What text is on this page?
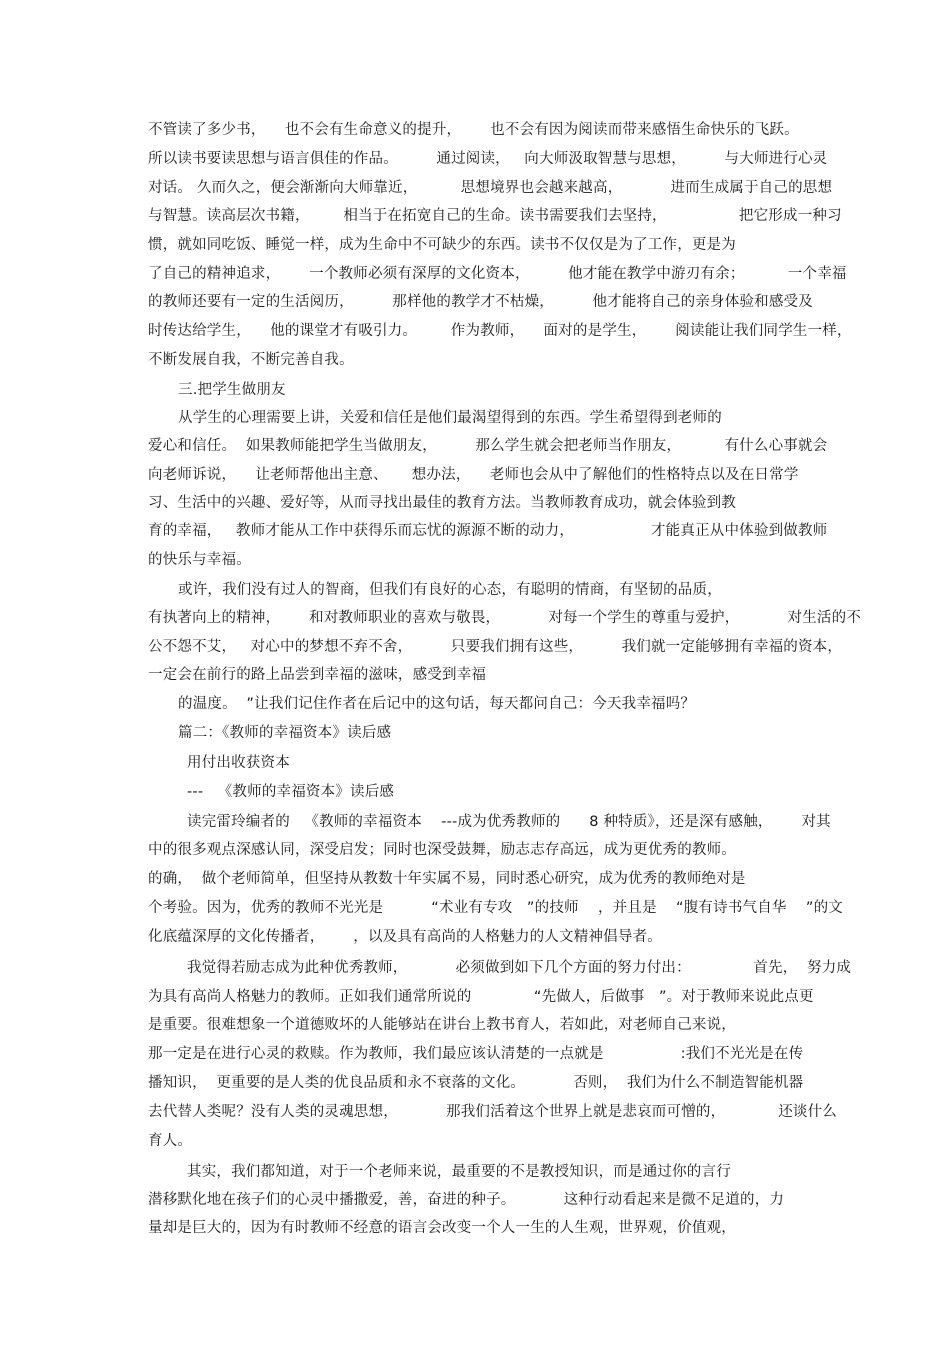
不管读了多少书，    也不会有生命意义的提升，      也不会有因为阅读而带来感悟生命快乐的飞跃。
所以读书要读思想与语言俱佳的作品。        通过阅读，   向大师汲取智慧与思想，        与大师进行心灵
对话。 久而久之，便会渐渐向大师靠近，         思想境界也会越来越高，          进而生成属于自己的思想
与智慧。读高层次书籍，       相当于在拓宽自己的生命。读书需要我们去坚持，               把它形成一种习
惯，就如同吃饭、睡觉一样，成为生命中不可缺少的东西。读书不仅仅是为了工作，更是为
了自己的精神追求，      一个教师必须有深厚的文化资本，        他才能在教学中游刃有余；         一个幸福
的教师还要有一定的生活阅历，        那样他的教学才不枯燥，        他才能将自己的亲身体验和感受及
时传达给学生，    他的课堂才有吸引力。       作为教师，    面对的是学生，      阅读能让我们同学生一样，
不断发展自我，不断完善自我。
三.把学生做朋友
从学生的心理需要上讲，关爱和信任是他们最渴望得到的东西。学生希望得到老师的
爱心和信任。  如果教师能把学生当做朋友，        那么学生就会把老师当作朋友，         有什么心事就会
向老师诉说，    让老师帮他出主意、     想办法，    老师也会从中了解他们的性格特点以及在日常学
习、生活中的兴趣、爱好等，从而寻找出最佳的教育方法。当教师教育成功，就会体验到教
育的幸福，   教师才能从工作中获得乐而忘忧的源源不断的动力，                才能真正从中体验到做教师
的快乐与幸福。
或许，我们没有过人的智商，但我们有良好的心态，有聪明的情商，有坚韧的品质，
有执著向上的精神，      和对教师职业的喜欢与敬畏，          对每一个学生的尊重与爱护，          对生活的不
公不怨不艾，   对心中的梦想不弃不舍，        只要我们拥有这些，        我们就一定能够拥有幸福的资本，
一定会在前行的路上品尝到幸福的滋味，感受到幸福
的温度。  ”让我们记住作者在后记中的这句话，每天都问自己：今天我幸福吗？
篇二：《教师的幸福资本》读后感
用付出收获资本
---   《教师的幸福资本》读后感
读完雷玲编者的   《教师的幸福资本    ---成为优秀教师的      8 种特质》，还是深有感触，      对其
中的很多观点深感认同，深受启发；同时也深受鼓舞，励志志存高远，成为更优秀的教师。
的确，  做个老师简单，但坚持从教数十年实属不易，同时悉心研究，成为优秀的教师绝对是
个考验。因为，优秀的教师不光光是          “术业有专攻   ”的技师    ，并且是    “腹有诗书气自华    ”的文
化底蕴深厚的文化传播者，      ，以及具有高尚的人格魅力的人文精神倡导者。
我觉得若励志成为此种优秀教师，          必须做到如下几个方面的努力付出：             首先，  努力成
为具有高尚人格魅力的教师。正如我们通常所说的             “先做人，后做事   ”。对于教师来说此点更
是重要。很难想象一个道德败坏的人能够站在讲台上教书育人，若如此，对老师自己来说，
那一定是在进行心灵的救赎。作为教师，我们最应该认清楚的一点就是                :我们不光光是在传
播知识，  更重要的是人类的优良品质和永不衰落的文化。          否则，  我们为什么不制造智能机器
去代替人类呢？没有人类的灵魂思想，          那我们活着这个世界上就是悲哀而可憎的，           还谈什么
育人。
其实，我们都知道，对于一个老师来说，最重要的不是教授知识，而是通过你的言行
潜移默化地在孩子们的心灵中播撒爱，善，奋进的种子。          这种行动看起来是微不足道的，力
量却是巨大的，因为有时教师不经意的语言会改变一个人一生的人生观，世界观，价值观，
